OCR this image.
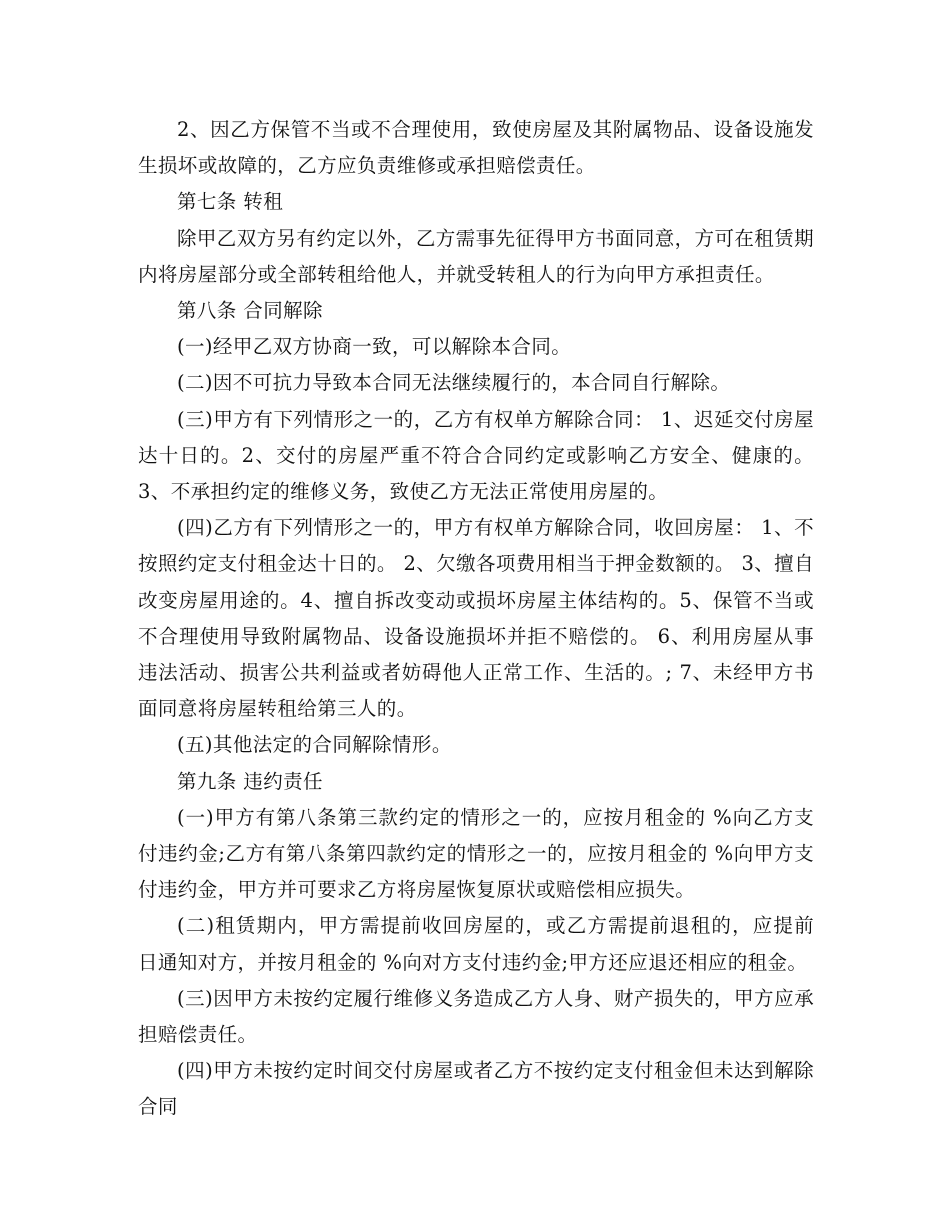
2、因乙方保管不当或不合理使用，致使房屋及其附属物品、设备设施发生损坏或故障的，乙方应负责维修或承担赔偿责任。

第七条 转租

除甲乙双方另有约定以外，乙方需事先征得甲方书面同意，方可在租赁期内将房屋部分或全部转租给他人，并就受转租人的行为向甲方承担责任。

第八条 合同解除

(一)经甲乙双方协商一致，可以解除本合同。

(二)因不可抗力导致本合同无法继续履行的，本合同自行解除。

(三)甲方有下列情形之一的，乙方有权单方解除合同： 1、迟延交付房屋达十日的。2、交付的房屋严重不符合合同约定或影响乙方安全、健康的。 3、不承担约定的维修义务，致使乙方无法正常使用房屋的。

(四)乙方有下列情形之一的，甲方有权单方解除合同，收回房屋： 1、不按照约定支付租金达十日的。 2、欠缴各项费用相当于押金数额的。 3、擅自改变房屋用途的。4、擅自拆改变动或损坏房屋主体结构的。5、保管不当或不合理使用导致附属物品、设备设施损坏并拒不赔偿的。 6、利用房屋从事违法活动、损害公共利益或者妨碍他人正常工作、生活的。; 7、未经甲方书面同意将房屋转租给第三人的。

(五)其他法定的合同解除情形。

第九条 违约责任

(一)甲方有第八条第三款约定的情形之一的，应按月租金的 %向乙方支付违约金;乙方有第八条第四款约定的情形之一的，应按月租金的 %向甲方支付违约金，甲方并可要求乙方将房屋恢复原状或赔偿相应损失。

(二)租赁期内，甲方需提前收回房屋的，或乙方需提前退租的，应提前 日通知对方，并按月租金的 %向对方支付违约金;甲方还应退还相应的租金。

(三)因甲方未按约定履行维修义务造成乙方人身、财产损失的，甲方应承担赔偿责任。

(四)甲方未按约定时间交付房屋或者乙方不按约定支付租金但未达到解除合同
